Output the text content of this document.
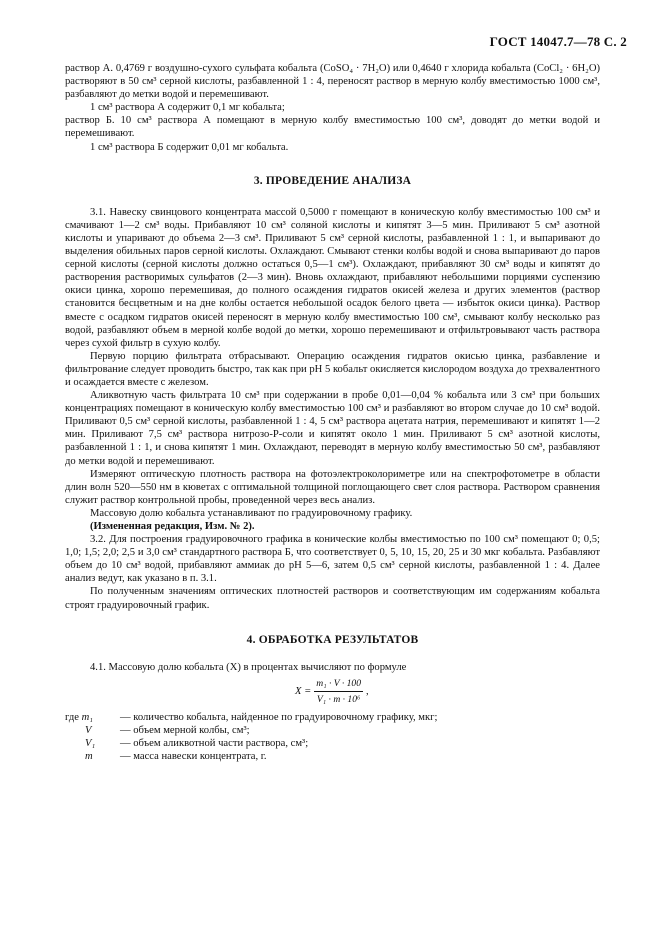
ГОСТ 14047.7—78 С. 2

раствор А. 0,4769 г воздушно-сухого сульфата кобальта (CoSO₄ · 7H₂O) или 0,4640 г хлорида кобальта (CoCl₂ · 6H₂O) растворяют в 50 см³ серной кислоты, разбавленной 1 : 4, переносят раствор в мерную колбу вместимостью 1000 см³, разбавляют до метки водой и перемешивают.

1 см³ раствора А содержит 0,1 мг кобальта;

раствор Б. 10 см³ раствора А помещают в мерную колбу вместимостью 100 см³, доводят до метки водой и перемешивают.

1 см³ раствора Б содержит 0,01 мг кобальта.

3. ПРОВЕДЕНИЕ АНАЛИЗА

3.1. Навеску свинцового концентрата массой 0,5000 г помещают в коническую колбу вместимостью 100 см³ и смачивают 1—2 см³ воды. Прибавляют 10 см³ соляной кислоты и кипятят 3—5 мин. Приливают 5 см³ азотной кислоты и упаривают до объема 2—3 см³. Приливают 5 см³ серной кислоты, разбавленной 1 : 1, и выпаривают до выделения обильных паров серной кислоты. Охлаждают. Смывают стенки колбы водой и снова выпаривают до паров серной кислоты (серной кислоты должно остаться 0,5—1 см³). Охлаждают, прибавляют 30 см³ воды и кипятят до растворения растворимых сульфатов (2—3 мин). Вновь охлаждают, прибавляют небольшими порциями суспензию окиси цинка, хорошо перемешивая, до полного осаждения гидратов окисей железа и других элементов (раствор становится бесцветным и на дне колбы остается небольшой осадок белого цвета — избыток окиси цинка). Раствор вместе с осадком гидратов окисей переносят в мерную колбу вместимостью 100 см³, смывают колбу несколько раз водой, разбавляют объем в мерной колбе водой до метки, хорошо перемешивают и отфильтровывают часть раствора через сухой фильтр в сухую колбу.

Первую порцию фильтрата отбрасывают. Операцию осаждения гидратов окисью цинка, разбавление и фильтрование следует проводить быстро, так как при pH 5 кобальт окисляется кислородом воздуха до трехвалентного и осаждается вместе с железом.

Аликвотную часть фильтрата 10 см³ при содержании в пробе 0,01—0,04 % кобальта или 3 см³ при больших концентрациях помещают в коническую колбу вместимостью 100 см³ и разбавляют во втором случае до 10 см³ водой. Приливают 0,5 см³ серной кислоты, разбавленной 1 : 4, 5 см³ раствора ацетата натрия, перемешивают и кипятят 1—2 мин. Приливают 7,5 см³ раствора нитрозо-Р-соли и кипятят около 1 мин. Приливают 5 см³ азотной кислоты, разбавленной 1 : 1, и снова кипятят 1 мин. Охлаждают, переводят в мерную колбу вместимостью 50 см³, разбавляют до метки водой и перемешивают.

Измеряют оптическую плотность раствора на фотоэлектроколориметре или на спектрофотометре в области длин волн 520—550 нм в кюветах с оптимальной толщиной поглощающего свет слоя раствора. Раствором сравнения служит раствор контрольной пробы, проведенной через весь анализ.

Массовую долю кобальта устанавливают по градуировочному графику.

(Измененная редакция, Изм. № 2).

3.2. Для построения градуировочного графика в конические колбы вместимостью по 100 см³ помещают 0; 0,5; 1,0; 1,5; 2,0; 2,5 и 3,0 см³ стандартного раствора Б, что соответствует 0, 5, 10, 15, 20, 25 и 30 мкг кобальта. Разбавляют объем до 10 см³ водой, прибавляют аммиак до pH 5—6, затем 0,5 см³ серной кислоты, разбавленной 1 : 4. Далее анализ ведут, как указано в п. 3.1.

По полученным значениям оптических плотностей растворов и соответствующим им содержаниям кобальта строят градуировочный график.

4. ОБРАБОТКА РЕЗУЛЬТАТОВ

4.1. Массовую долю кобальта (X) в процентах вычисляют по формуле

$X = \frac{\text{m₁ · V · 100}}{\text{V₁ · m · 10⁶}}$ ,
где m₁	— количество кобальта, найденное по градуировочному графику, мкг;
V	— объем мерной колбы, см³;
V₁	— объем аликвотной части раствора, см³;
m	— масса навески концентрата, г.
